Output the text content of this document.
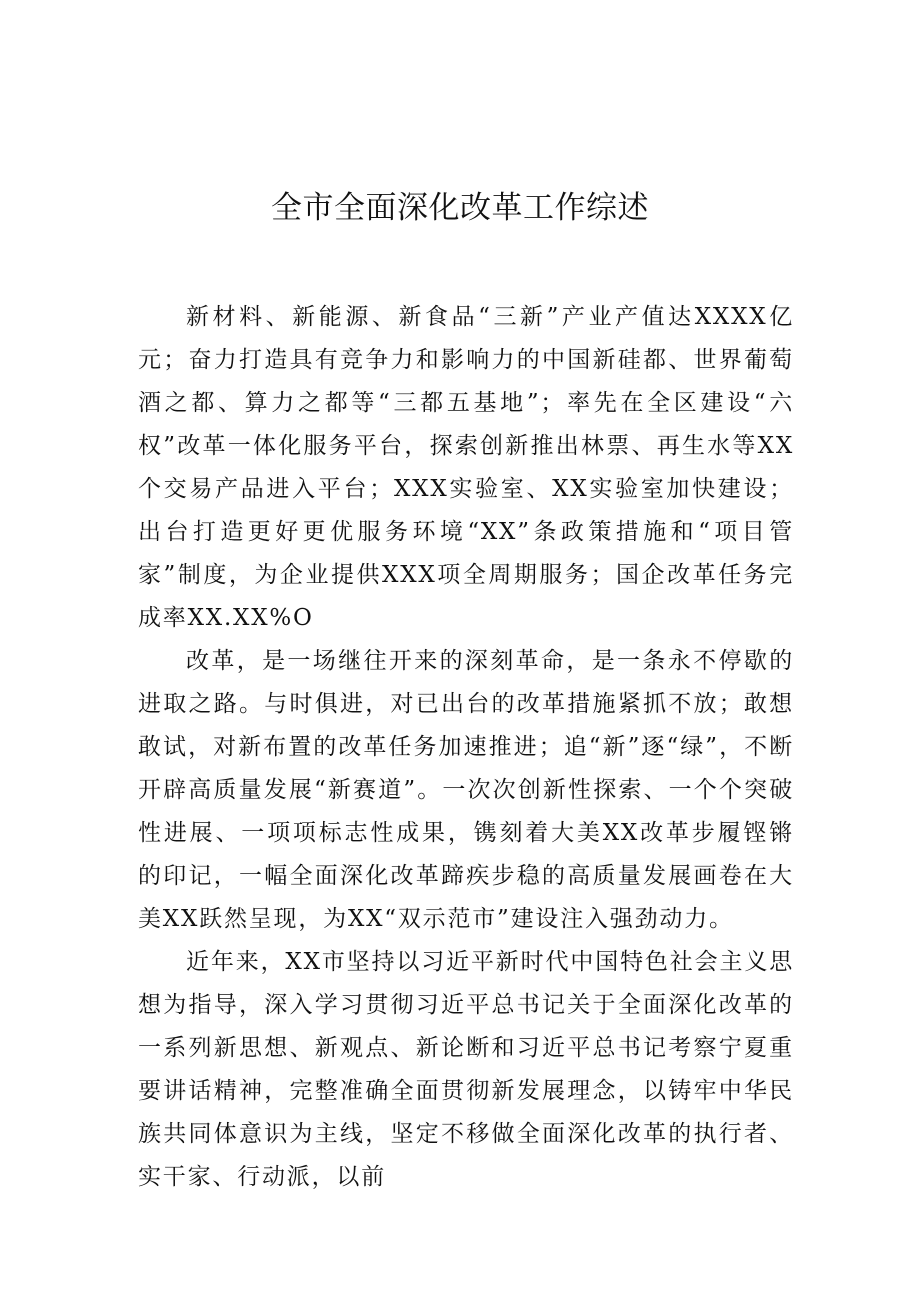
全市全面深化改革工作综述

新材料、新能源、新食品“三新”产业产值达XXXX亿元；奋力打造具有竞争力和影响力的中国新硅都、世界葡萄酒之都、算力之都等“三都五基地”；率先在全区建设“六权”改革一体化服务平台，探索创新推出林票、再生水等XX个交易产品进入平台；XXX实验室、XX实验室加快建设；出台打造更好更优服务环境“XX”条政策措施和“项目管家”制度，为企业提供XXX项全周期服务；国企改革任务完成率XX.XX%O

改革，是一场继往开来的深刻革命，是一条永不停歇的进取之路。与时俱进，对已出台的改革措施紧抓不放；敢想敢试，对新布置的改革任务加速推进；追“新”逐“绿”，不断开辟高质量发展“新赛道”。一次次创新性探索、一个个突破性进展、一项项标志性成果，镌刻着大美XX改革步履铿锵的印记，一幅全面深化改革蹄疾步稳的高质量发展画卷在大美XX跃然呈现，为XX“双示范市”建设注入强劲动力。

近年来，XX市坚持以习近平新时代中国特色社会主义思想为指导，深入学习贯彻习近平总书记关于全面深化改革的一系列新思想、新观点、新论断和习近平总书记考察宁夏重要讲话精神，完整准确全面贯彻新发展理念，以铸牢中华民族共同体意识为主线，坚定不移做全面深化改革的执行者、实干家、行动派，以前
